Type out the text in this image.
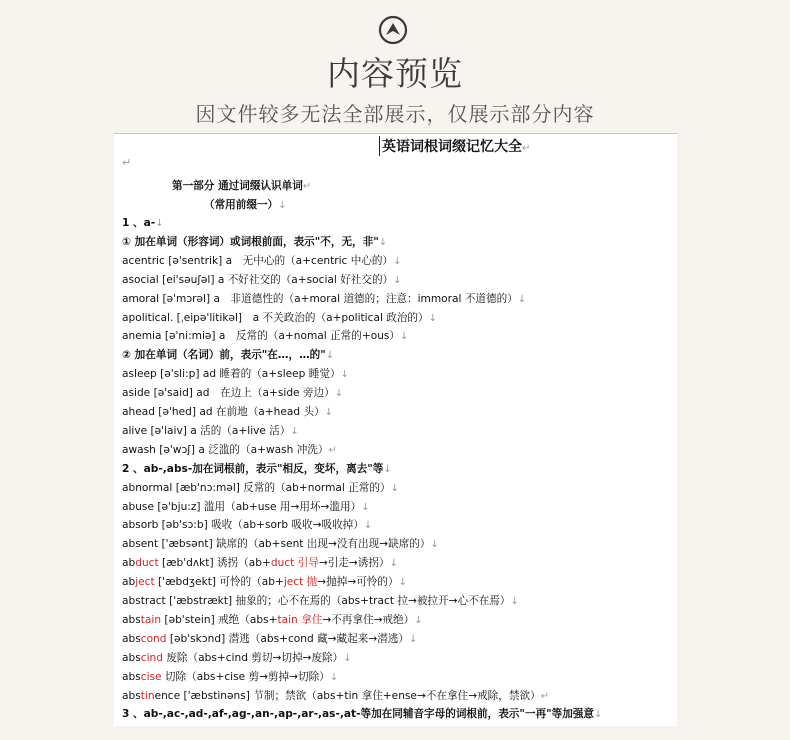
内容预览
因文件较多无法全部展示，仅展示部分内容
英语词根词缀记忆大全↵
↵
第一部分 通过词缀认识单词↵
（常用前缀一）↓
1 、a-↓
① 加在单词（形容词）或词根前面，表示"不，无，非"↓
acentric [ə'sentrik] a　无中心的（a+centric 中心的）↓
asocial [ei'səuʃəl] a 不好社交的（a+social 好社交的）↓
amoral [ə'mɔrəl] a　非道德性的（a+moral 道德的；注意：immoral 不道德的）↓
apolitical. [ˌeipə'litikəl]　a 不关政治的（a+political 政治的）↓
anemia [ə'ni:miə] a　反常的（a+nomal 正常的+ous）↓
② 加在单词（名词）前，表示"在…，…的"↓
asleep [ə'sli:p] ad 睡着的（a+sleep 睡觉）↓
aside [ə'said] ad　在边上（a+side 旁边）↓
ahead [ə'hed] ad 在前地（a+head 头）↓
alive [ə'laiv] a 活的（a+live 活）↓
awash [ə'wɔʃ] a 泛滥的（a+wash 冲洗）↵
2 、ab-,abs-加在词根前，表示"相反，变坏，离去"等↓
abnormal [æb'nɔ:məl] 反常的（ab+normal 正常的）↓
abuse [ə'bju:z] 滥用（ab+use 用→用坏→滥用）↓
absorb [əb'sɔ:b] 吸收（ab+sorb 吸收→吸收掉）↓
absent ['æbsənt] 缺席的（ab+sent 出现→没有出现→缺席的）↓
abduct [æb'dʌkt] 诱拐（ab+duct 引导→引走→诱拐）↓
abject ['æbdʒekt] 可怜的（ab+ject 抛→抛掉→可怜的）↓
abstract ['æbstrækt] 抽象的；心不在焉的（abs+tract 拉→被拉开→心不在焉）↓
abstain [əb'stein] 戒绝（abs+tain 拿住→不再拿住→戒绝）↓
abscond [əb'skɔnd] 潜逃（abs+cond 藏→藏起来→潜逃）↓
abscind 废除（abs+cind 剪切→切掉→废除）↓
abscise 切除（abs+cise 剪→剪掉→切除）↓
abstinence ['æbstinəns] 节制；禁欲（abs+tin 拿住+ense→不在拿住→戒除，禁欲）↵
3 、ab-,ac-,ad-,af-,ag-,an-,ap-,ar-,as-,at-等加在同辅音字母的词根前，表示"一再"等加强意↓
